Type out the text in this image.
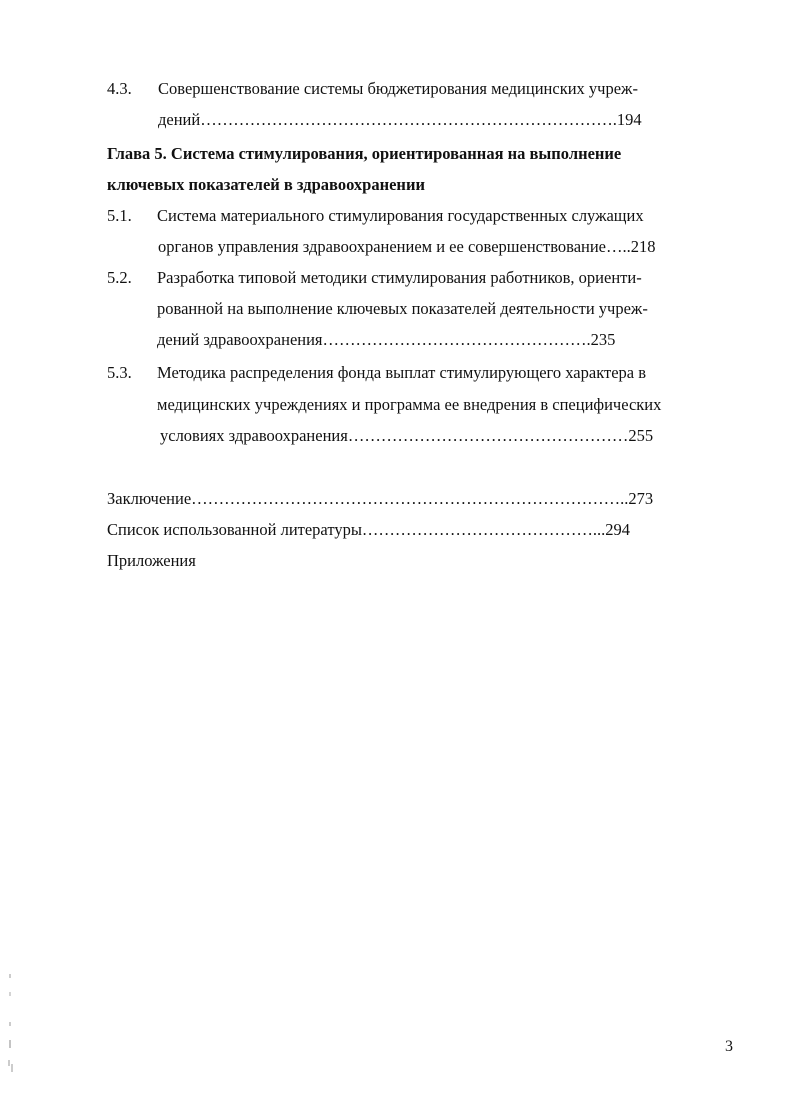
4.3. Совершенствование системы бюджетирования медицинских учреж-
дений………………………………………………………………….194
Глава 5. Система стимулирования, ориентированная на выполнение
ключевых показателей в здравоохранении
5.1. Система материального стимулирования государственных служащих
органов управления здравоохранением и ее совершенствование…..218
5.2. Разработка типовой методики стимулирования работников, ориенти-
рованной на выполнение ключевых показателей деятельности учреж-
дений здравоохранения………………………………………….235
5.3. Методика распределения фонда выплат стимулирующего характера в
медицинских учреждениях и программа ее внедрения в специфических
условиях здравоохранения……………………………………………255
Заключение……………………………………………………………………..273
Список использованной литературы……………………………………...294
Приложения
3
